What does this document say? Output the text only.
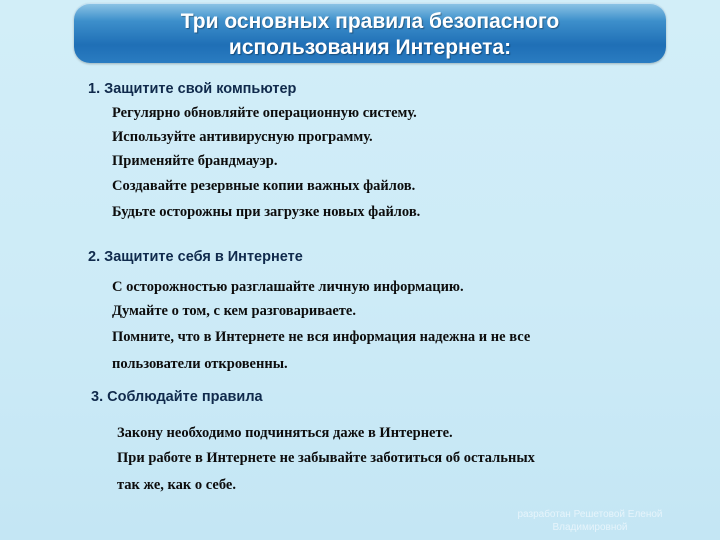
Три основных правила безопасного
использования Интернета:
1. Защитите свой компьютер
Регулярно обновляйте операционную систему.
Используйте антивирусную программу.
Применяйте брандмауэр.
Создавайте резервные копии важных файлов.
Будьте осторожны при загрузке новых файлов.
2. Защитите себя в Интернете
С осторожностью разглашайте личную информацию.
Думайте о том, с кем разговариваете.
Помните, что в Интернете не вся информация надежна и не все
пользователи откровенны.
3. Соблюдайте правила
Закону необходимо подчиняться даже в Интернете.
При работе в Интернете не забывайте заботиться об остальных
так же, как о себе.
разработан Решетовой Еленой
Владимировной
